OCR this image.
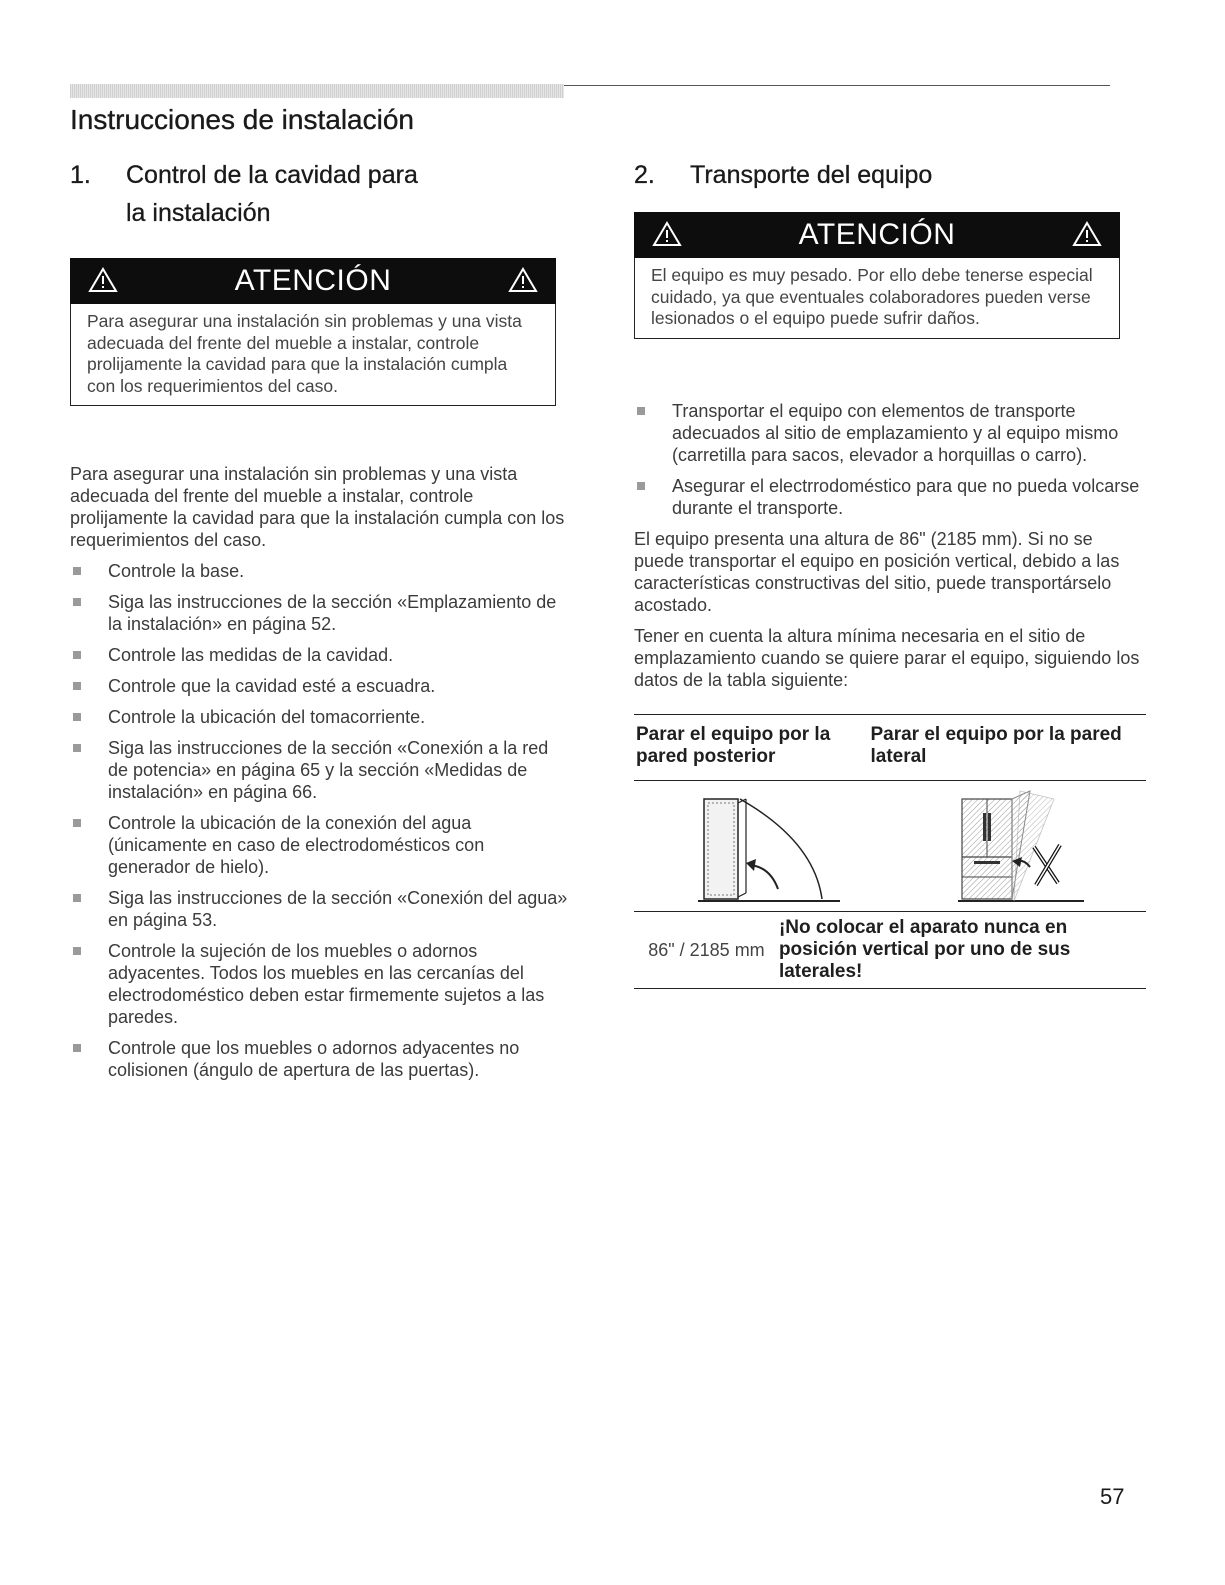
Instrucciones de instalación
1. Control de la cavidad para
la instalación
ATENCIÓN
Para asegurar una instalación sin problemas y una vista adecuada del frente del mueble a instalar, controle prolijamente la cavidad para que la instalación cumpla con los requerimientos del caso.

Para asegurar una instalación sin problemas y una vista adecuada del frente del mueble a instalar, controle prolijamente la cavidad para que la instalación cumpla con los requerimientos del caso.

Controle la base.
Siga las instrucciones de la sección «Emplazamiento de la instalación» en página 52.
Controle las medidas de la cavidad.
Controle que la cavidad esté a escuadra.
Controle la ubicación del tomacorriente.
Siga las instrucciones de la sección «Conexión a la red de potencia» en página 65 y la sección «Medidas de instalación» en página 66.
Controle la ubicación de la conexión del agua (únicamente en caso de electrodomésticos con generador de hielo).
Siga las instrucciones de la sección «Conexión del agua» en página 53.
Controle la sujeción de los muebles o adornos adyacentes. Todos los muebles en las cercanías del electrodoméstico deben estar firmemente sujetos a las paredes.
Controle que los muebles o adornos adyacentes no colisionen (ángulo de apertura de las puertas).
2. Transporte del equipo
ATENCIÓN
El equipo es muy pesado. Por ello debe tenerse especial cuidado, ya que eventuales colaboradores pueden verse lesionados o el equipo puede sufrir daños.
Transportar el equipo con elementos de transporte adecuados al sitio de emplazamiento y al equipo mismo (carretilla para sacos, elevador a horquillas o carro).
Asegurar el electrrodoméstico para que no pueda volcarse durante el transporte.

El equipo presenta una altura de 86" (2185 mm). Si no se puede transportar el equipo en posición vertical, debido a las características constructivas del sitio, puede transportárselo acostado.

Tener en cuenta la altura mínima necesaria en el sitio de emplazamiento cuando se quiere parar el equipo, siguiendo los datos de la tabla siguiente:

Parar el equipo por la pared posterior
Parar el equipo por la pared lateral
86" / 2185 mm
¡No colocar el aparato nunca en posición vertical por uno de sus laterales!
57
